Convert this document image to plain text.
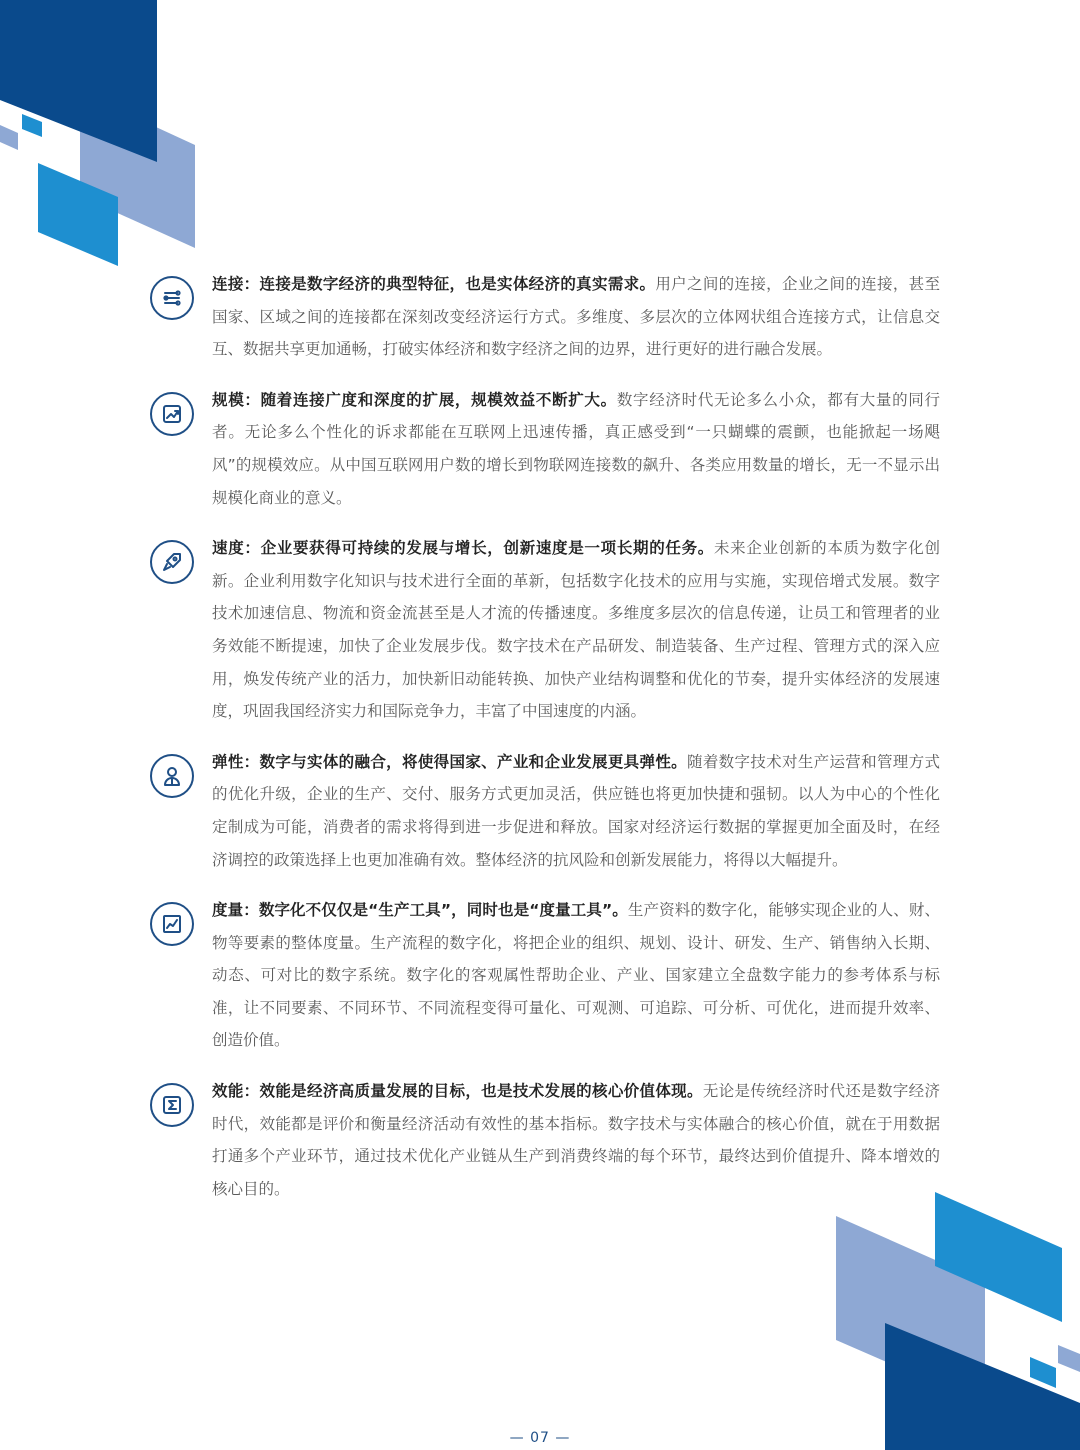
连接：连接是数字经济的典型特征，也是实体经济的真实需求。用户之间的连接，企业之间的连接，甚至国家、区域之间的连接都在深刻改变经济运行方式。多维度、多层次的立体网状组合连接方式，让信息交互、数据共享更加通畅，打破实体经济和数字经济之间的边界，进行更好的进行融合发展。

规模：随着连接广度和深度的扩展，规模效益不断扩大。数字经济时代无论多么小众，都有大量的同行者。无论多么个性化的诉求都能在互联网上迅速传播，真正感受到“一只蝴蝶的震颤，也能掀起一场飓风”的规模效应。从中国互联网用户数的增长到物联网连接数的飙升、各类应用数量的增长，无一不显示出规模化商业的意义。

速度：企业要获得可持续的发展与增长，创新速度是一项长期的任务。未来企业创新的本质为数字化创新。企业利用数字化知识与技术进行全面的革新，包括数字化技术的应用与实施，实现倍增式发展。数字技术加速信息、物流和资金流甚至是人才流的传播速度。多维度多层次的信息传递，让员工和管理者的业务效能不断提速，加快了企业发展步伐。数字技术在产品研发、制造装备、生产过程、管理方式的深入应用，焕发传统产业的活力，加快新旧动能转换、加快产业结构调整和优化的节奏，提升实体经济的发展速度，巩固我国经济实力和国际竞争力，丰富了中国速度的内涵。

弹性：数字与实体的融合，将使得国家、产业和企业发展更具弹性。随着数字技术对生产运营和管理方式的优化升级，企业的生产、交付、服务方式更加灵活，供应链也将更加快捷和强韧。以人为中心的个性化定制成为可能，消费者的需求将得到进一步促进和释放。国家对经济运行数据的掌握更加全面及时，在经济调控的政策选择上也更加准确有效。整体经济的抗风险和创新发展能力，将得以大幅提升。

度量：数字化不仅仅是“生产工具”，同时也是“度量工具”。生产资料的数字化，能够实现企业的人、财、物等要素的整体度量。生产流程的数字化，将把企业的组织、规划、设计、研发、生产、销售纳入长期、动态、可对比的数字系统。数字化的客观属性帮助企业、产业、国家建立全盘数字能力的参考体系与标准，让不同要素、不同环节、不同流程变得可量化、可观测、可追踪、可分析、可优化，进而提升效率、创造价值。

效能：效能是经济高质量发展的目标，也是技术发展的核心价值体现。无论是传统经济时代还是数字经济时代，效能都是评价和衡量经济活动有效性的基本指标。数字技术与实体融合的核心价值，就在于用数据打通多个产业环节，通过技术优化产业链从生产到消费终端的每个环节，最终达到价值提升、降本增效的核心目的。

— 07 —
